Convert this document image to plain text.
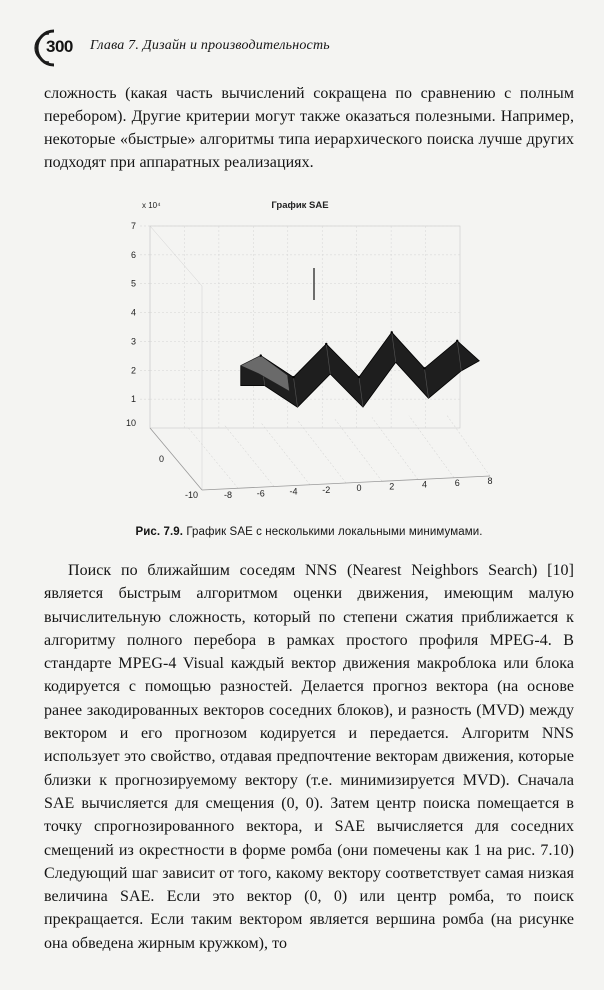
300 Глава 7. Дизайн и производительность

сложность (какая часть вычислений сокращена по сравнению с полным перебором). Другие критерии могут также оказаться полезными. Например, некоторые «быстрые» алгоритмы типа иерархического поиска лучше других подходят при аппаратных реализациях.

График SAE
x 10⁴
1
2
3
4
5
6
7
10
0
-10	-8	-6	-4	-2	0	2	4	6	8
Рис. 7.9. График SAE с несколькими локальными минимумами.

Поиск по ближайшим соседям NNS (Nearest Neighbors Search) [10] является быстрым алгоритмом оценки движения, имеющим малую вычислительную сложность, который по степени сжатия приближается к алгоритму полного перебора в рамках простого профиля MPEG-4. В стандарте MPEG-4 Visual каждый вектор движения макроблока или блока кодируется с помощью разностей. Делается прогноз вектора (на основе ранее закодированных векторов соседних блоков), и разность (MVD) между вектором и его прогнозом кодируется и передается. Алгоритм NNS использует это свойство, отдавая предпочтение векторам движения, которые близки к прогнозируемому вектору (т.е. минимизируется MVD). Сначала SAE вычисляется для смещения (0, 0). Затем центр поиска помещается в точку спрогнозированного вектора, и SAE вычисляется для соседних смещений из окрестности в форме ромба (они помечены как 1 на рис. 7.10) Следующий шаг зависит от того, какому вектору соответствует самая низкая величина SAE. Если это вектор (0, 0) или центр ромба, то поиск прекращается. Если таким вектором является вершина ромба (на рисунке она обведена жирным кружком), то
